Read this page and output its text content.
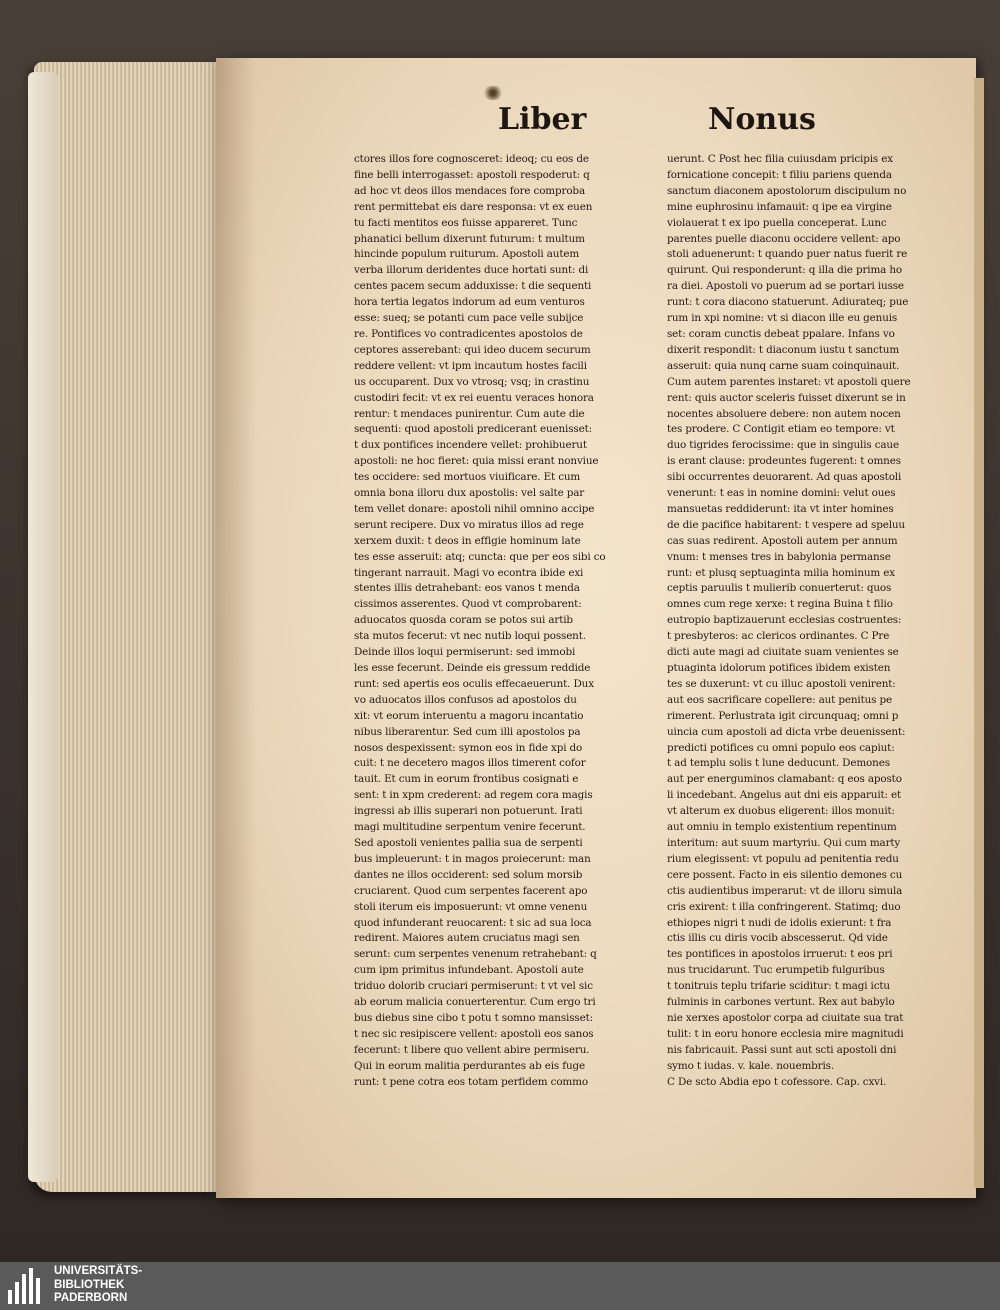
Liber	Nonus
ctores illos fore cognosceret: ideoq; cu eos de
fine belli interrogasset: apostoli respoderut: q
ad hoc vt deos illos mendaces fore comproba
rent permittebat eis dare responsa: vt ex euen
tu facti mentitos eos fuisse appareret. Tunc
phanatici bellum dixerunt futurum: t multum
hincinde populum ruiturum. Apostoli autem
verba illorum deridentes duce hortati sunt: di
centes pacem secum adduxisse: t die sequenti
hora tertia legatos indorum ad eum venturos
esse: sueq; se potanti cum pace velle subijce
re. Pontifices vo contradicentes apostolos de
ceptores asserebant: qui ideo ducem securum
reddere vellent: vt ipm incautum hostes facili
us occuparent. Dux vo vtrosq; vsq; in crastinu
custodiri fecit: vt ex rei euentu veraces honora
rentur: t mendaces punirentur. Cum aute die
sequenti: quod apostoli predicerant euenisset:
t dux pontifices incendere vellet: prohibuerut
apostoli: ne hoc fieret: quia missi erant nonviue
tes occidere: sed mortuos viuificare. Et cum
omnia bona illoru dux apostolis: vel salte par
tem vellet donare: apostoli nihil omnino accipe
serunt recipere. Dux vo miratus illos ad rege
xerxem duxit: t deos in effigie hominum late
tes esse asseruit: atq; cuncta: que per eos sibi co
tingerant narrauit. Magi vo econtra ibide exi
stentes illis detrahebant: eos vanos t menda
cissimos asserentes. Quod vt comprobarent:
aduocatos quosda coram se potos sui artib
sta mutos fecerut: vt nec nutib loqui possent.
Deinde illos loqui permiserunt: sed immobi
les esse fecerunt. Deinde eis gressum reddide
runt: sed apertis eos oculis effecaeuerunt. Dux
vo aduocatos illos confusos ad apostolos du
xit: vt eorum interuentu a magoru incantatio
nibus liberarentur. Sed cum illi apostolos pa
nosos despexissent: symon eos in fide xpi do
cuit: t ne decetero magos illos timerent cofor
tauit. Et cum in eorum frontibus cosignati e
sent: t in xpm crederent: ad regem cora magis
ingressi ab illis superari non potuerunt. Irati
magi multitudine serpentum venire fecerunt.
Sed apostoli venientes pallia sua de serpenti
bus impleuerunt: t in magos proiecerunt: man
dantes ne illos occiderent: sed solum morsib
cruciarent. Quod cum serpentes facerent apo
stoli iterum eis imposuerunt: vt omne venenu
quod infunderant reuocarent: t sic ad sua loca
redirent. Maiores autem cruciatus magi sen
serunt: cum serpentes venenum retrahebant: q
cum ipm primitus infundebant. Apostoli aute
triduo dolorib cruciari permiserunt: t vt vel sic
ab eorum malicia conuerterentur. Cum ergo tri
bus diebus sine cibo t potu t somno mansisset:
t nec sic resipiscere vellent: apostoli eos sanos
fecerunt: t libere quo vellent abire permiseru.
Qui in eorum malitia perdurantes ab eis fuge
runt: t pene cotra eos totam perfidem commo
uerunt. C Post hec filia cuiusdam pricipis ex
fornicatione concepit: t filiu pariens quenda
sanctum diaconem apostolorum discipulum no
mine euphrosinu infamauit: q ipe ea virgine
violauerat t ex ipo puella conceperat. Lunc
parentes puelle diaconu occidere vellent: apo
stoli aduenerunt: t quando puer natus fuerit re
quirunt. Qui responderunt: q illa die prima ho
ra diei. Apostoli vo puerum ad se portari iusse
runt: t cora diacono statuerunt. Adiurateq; pue
rum in xpi nomine: vt si diacon ille eu genuis
set: coram cunctis debeat ppalare. Infans vo
dixerit respondit: t diaconum iustu t sanctum
asseruit: quia nunq carne suam coinquinauit.
Cum autem parentes instaret: vt apostoli quere
rent: quis auctor sceleris fuisset dixerunt se in
nocentes absoluere debere: non autem nocen
tes prodere. C Contigit etiam eo tempore: vt
duo tigrides ferocissime: que in singulis caue
is erant clause: prodeuntes fugerent: t omnes
sibi occurrentes deuorarent. Ad quas apostoli
venerunt: t eas in nomine domini: velut oues
mansuetas reddiderunt: ita vt inter homines
de die pacifice habitarent: t vespere ad speluu
cas suas redirent. Apostoli autem per annum
vnum: t menses tres in babylonia permanse
runt: et plusq septuaginta milia hominum ex
ceptis paruulis t mulierib conuerterut: quos
omnes cum rege xerxe: t regina Buina t filio
eutropio baptizauerunt ecclesias costruentes:
t presbyteros: ac clericos ordinantes. C Pre
dicti aute magi ad ciuitate suam venientes se
ptuaginta idolorum potifices ibidem existen
tes se duxerunt: vt cu illuc apostoli venirent:
aut eos sacrificare copellere: aut penitus pe
rimerent. Perlustrata igit circunquaq; omni p
uincia cum apostoli ad dicta vrbe deuenissent:
predicti potifices cu omni populo eos capiut:
t ad templu solis t lune deducunt. Demones
aut per energuminos clamabant: q eos aposto
li incedebant. Angelus aut dni eis apparuit: et
vt alterum ex duobus eligerent: illos monuit:
aut omniu in templo existentium repentinum
interitum: aut suum martyriu. Qui cum marty
rium elegissent: vt populu ad penitentia redu
cere possent. Facto in eis silentio demones cu
ctis audientibus imperarut: vt de illoru simula
cris exirent: t illa confringerent. Statimq; duo
ethiopes nigri t nudi de idolis exierunt: t fra
ctis illis cu diris vocib abscesserut. Qd vide
tes pontifices in apostolos irruerut: t eos pri
nus trucidarunt. Tuc erumpetib fulguribus
t tonitruis teplu trifarie sciditur: t magi ictu
fulminis in carbones vertunt. Rex aut babylo
nie xerxes apostolor corpa ad ciuitate sua trat
tulit: t in eoru honore ecclesia mire magnitudi
nis fabricauit. Passi sunt aut scti apostoli dni
symo t iudas. v. kale. nouembris.
C De scto Abdia epo t cofessore. Cap. cxvi.
UNIVERSITÄTS-
BIBLIOTHEK
PADERBORN
